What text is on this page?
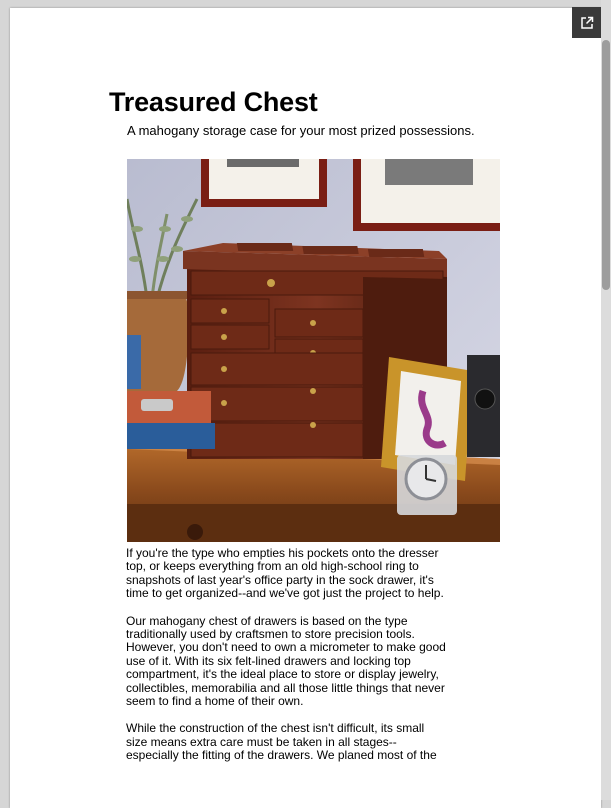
Treasured Chest
A mahogany storage case for your most prized possessions.

If you're the type who empties his pockets onto the dresser top, or keeps everything from an old high-school ring to snapshots of last year's office party in the sock drawer, it's time to get organized--and we've got just the project to help.

Our mahogany chest of drawers is based on the type traditionally used by craftsmen to store precision tools. However, you don't need to own a micrometer to make good use of it. With its six felt-lined drawers and locking top compartment, it's the ideal place to store or display jewelry, collectibles, memorabilia and all those little things that never seem to find a home of their own.

While the construction of the chest isn't difficult, its small size means extra care must be taken in all stages--especially the fitting of the drawers. We planed most of the
